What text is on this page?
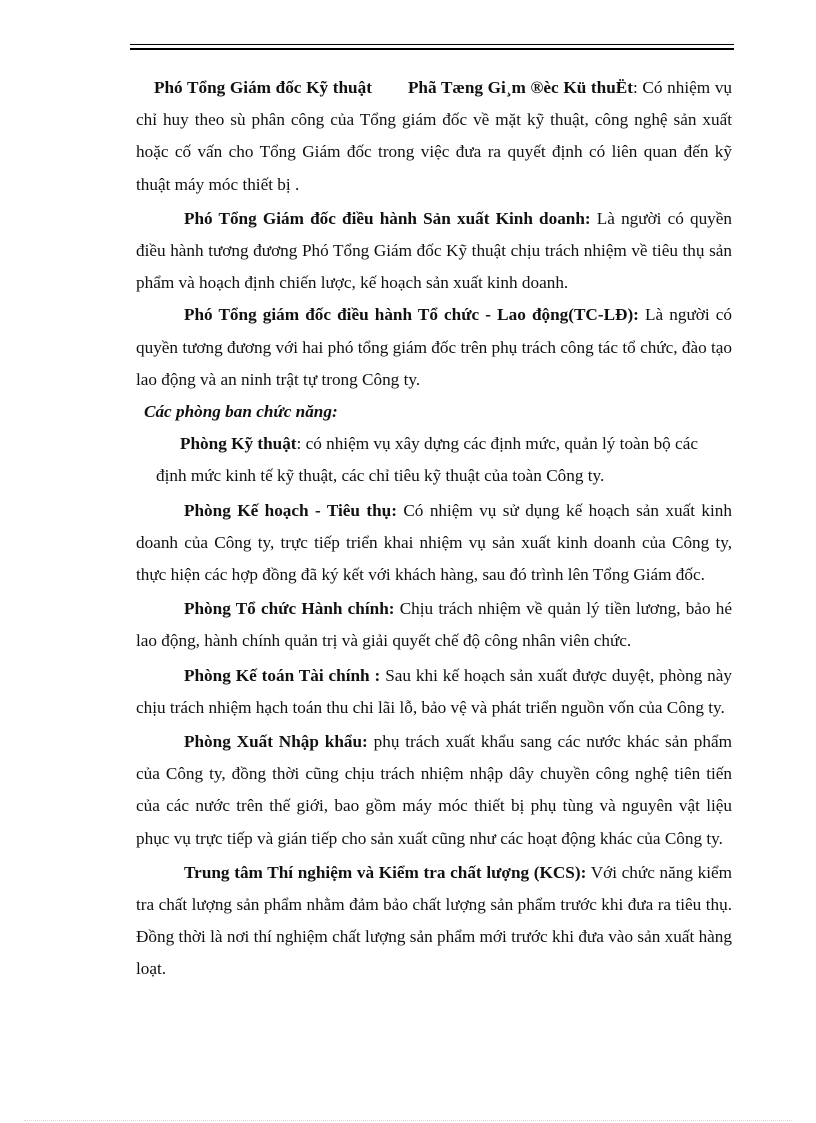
Phó Tổng Giám đốc Kỹ thuật Phã Tæng Gi¸m ®èc Kü thuËt: Có nhiệm vụ chỉ huy theo sù phân công của Tổng giám đốc về mặt kỹ thuật, công nghệ sản xuất hoặc cố vấn cho Tổng Giám đốc trong việc đưa ra quyết định có liên quan đến kỹ thuật máy móc thiết bị .

Phó Tổng Giám đốc điều hành Sản xuất Kinh doanh: Là người có quyền điều hành tương đương Phó Tổng Giám đốc Kỹ thuật chịu trách nhiệm về tiêu thụ sản phẩm và hoạch định chiến lược, kế hoạch sản xuất kinh doanh.

Phó Tổng giám đốc điều hành Tổ chức - Lao động(TC-LĐ): Là người có quyền tương đương với hai phó tổng giám đốc trên phụ trách công tác tổ chức, đào tạo lao động và an ninh trật tự trong Công ty.

Các phòng ban chức năng:

Phòng Kỹ thuật: có nhiệm vụ xây dựng các định mức, quản lý toàn bộ các định mức kinh tế kỹ thuật, các chỉ tiêu kỹ thuật của toàn Công ty.

Phòng Kế hoạch - Tiêu thụ: Có nhiệm vụ sử dụng kế hoạch sản xuất kinh doanh của Công ty, trực tiếp triển khai nhiệm vụ sản xuất kinh doanh của Công ty, thực hiện các hợp đồng đã ký kết với khách hàng, sau đó trình lên Tổng Giám đốc.

Phòng Tổ chức Hành chính: Chịu trách nhiệm về quản lý tiền lương, bảo hé lao động, hành chính quản trị và giải quyết chế độ công nhân viên chức.

Phòng Kế toán Tài chính : Sau khi kế hoạch sản xuất được duyệt, phòng này chịu trách nhiệm hạch toán thu chi lãi lỗ, bảo vệ và phát triển nguồn vốn của Công ty.

Phòng Xuất Nhập khẩu: phụ trách xuất khẩu sang các nước khác sản phẩm của Công ty, đồng thời cũng chịu trách nhiệm nhập dây chuyền công nghệ tiên tiến của các nước trên thế giới, bao gồm máy móc thiết bị phụ tùng và nguyên vật liệu phục vụ trực tiếp và gián tiếp cho sản xuất cũng như các hoạt động khác của Công ty.

Trung tâm Thí nghiệm và Kiểm tra chất lượng (KCS): Với chức năng kiểm tra chất lượng sản phẩm nhằm đảm bảo chất lượng sản phẩm trước khi đưa ra tiêu thụ. Đồng thời là nơi thí nghiệm chất lượng sản phẩm mới trước khi đưa vào sản xuất hàng loạt.
